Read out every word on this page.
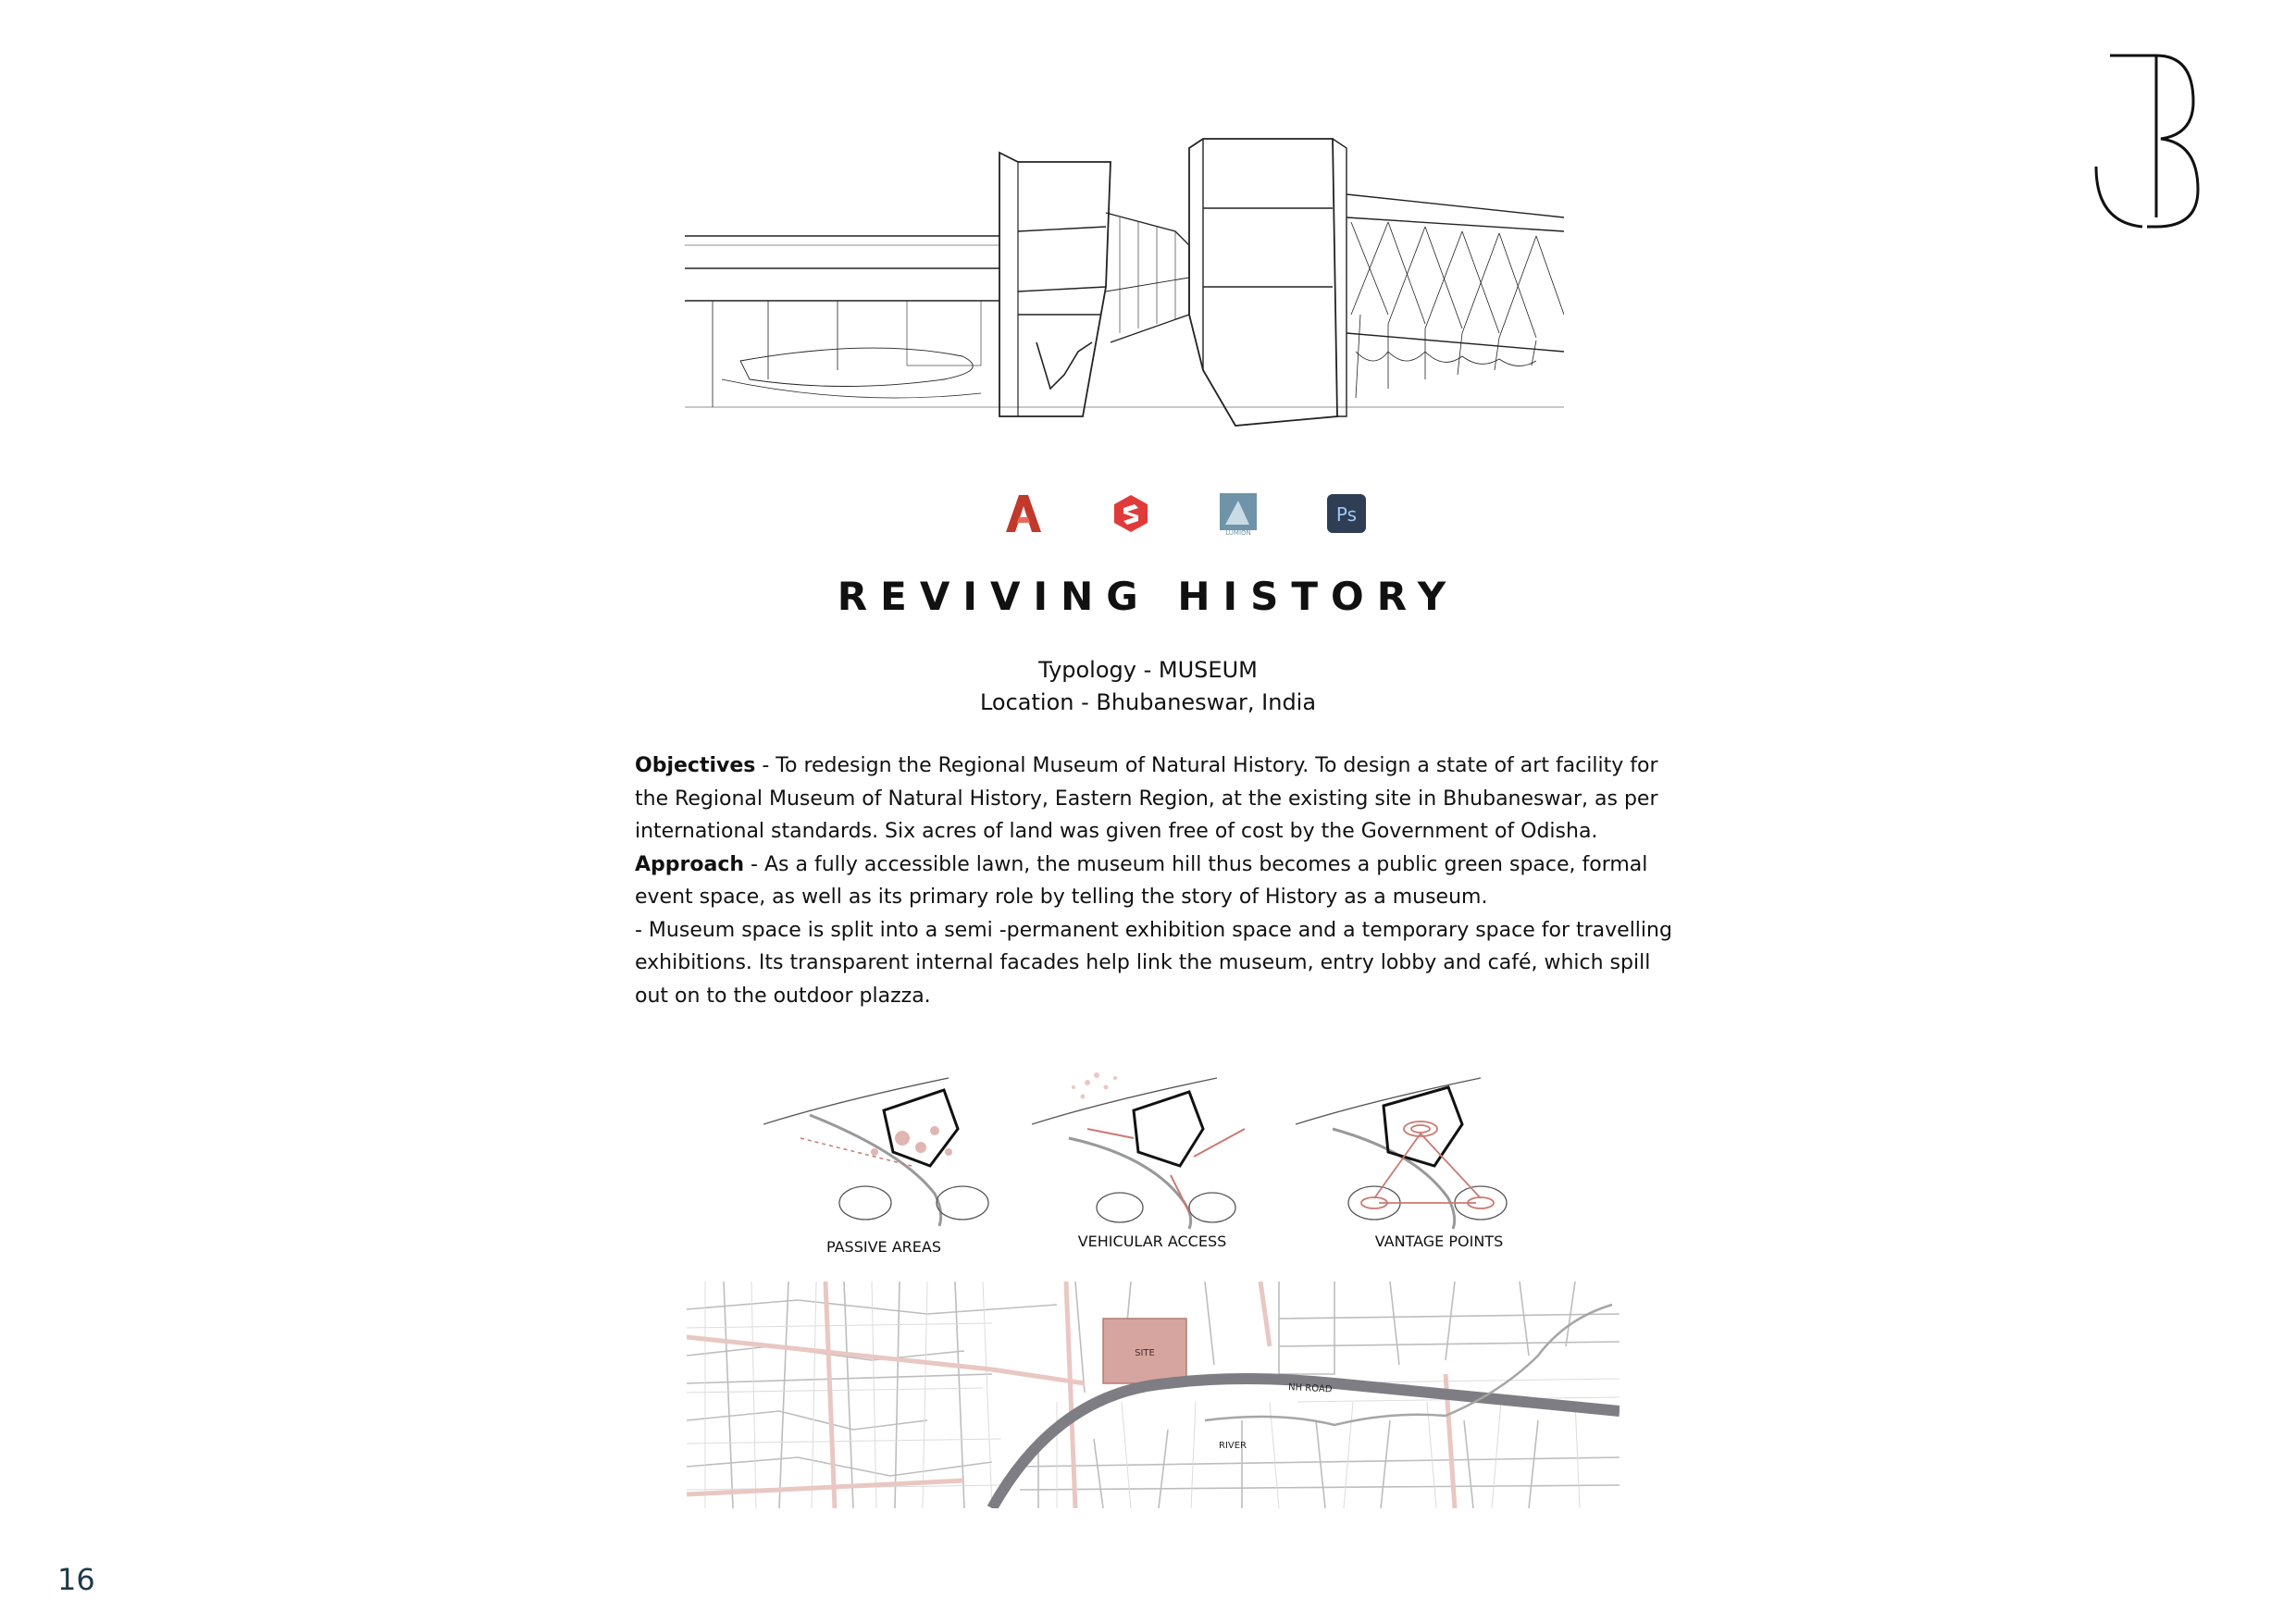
LUMION
Ps
REVIVING HISTORY
Typology - MUSEUM
Location - Bhubaneswar, India

Objectives - To redesign the Regional Museum of Natural History. To design a state of art facility for the Regional Museum of Natural History, Eastern Region, at the existing site in Bhubaneswar, as per international standards. Six acres of land was given free of cost by the Government of Odisha.

Approach - As a fully accessible lawn, the museum hill thus becomes a public green space, formal event space, as well as its primary role by telling the story of History as a museum.

- Museum space is split into a semi -permanent exhibition space and a temporary space for travelling exhibitions. Its transparent internal facades help link the museum, entry lobby and café, which spill out on to the outdoor plazza.

PASSIVE AREAS	VEHICULAR ACCESS	VANTAGE POINTS
SITE
NH ROAD
RIVER
16
